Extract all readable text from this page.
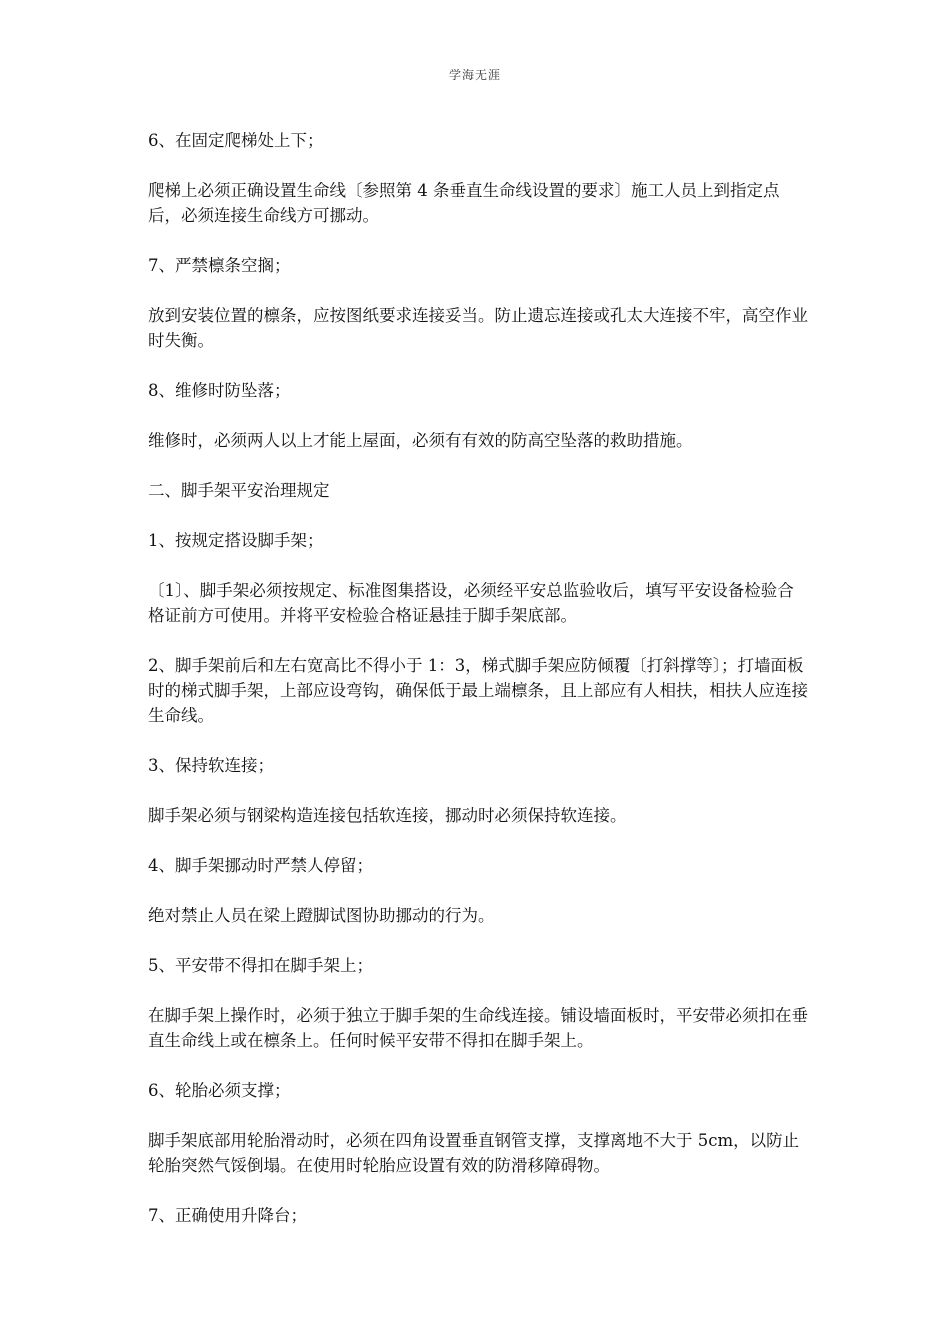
学海无涯

6、在固定爬梯处上下；

爬梯上必须正确设置生命线〔参照第 4 条垂直生命线设置的要求〕施工人员上到指定点后，必须连接生命线方可挪动。

7、严禁檩条空搁；

放到安装位置的檩条，应按图纸要求连接妥当。防止遗忘连接或孔太大连接不牢，高空作业时失衡。

8、维修时防坠落；

维修时，必须两人以上才能上屋面，必须有有效的防高空坠落的救助措施。

二、脚手架平安治理规定

1、按规定搭设脚手架；

〔1〕、脚手架必须按规定、标准图集搭设，必须经平安总监验收后，填写平安设备检验合格证前方可使用。并将平安检验合格证悬挂于脚手架底部。

2、脚手架前后和左右宽高比不得小于 1：3，梯式脚手架应防倾覆〔打斜撑等〕；打墙面板时的梯式脚手架，上部应设弯钩，确保低于最上端檩条，且上部应有人相扶，相扶人应连接生命线。

3、保持软连接；

脚手架必须与钢梁构造连接包括软连接，挪动时必须保持软连接。

4、脚手架挪动时严禁人停留；

绝对禁止人员在梁上蹬脚试图协助挪动的行为。

5、平安带不得扣在脚手架上；

在脚手架上操作时，必须于独立于脚手架的生命线连接。铺设墙面板时，平安带必须扣在垂直生命线上或在檩条上。任何时候平安带不得扣在脚手架上。

6、轮胎必须支撑；

脚手架底部用轮胎滑动时，必须在四角设置垂直钢管支撑，支撑离地不大于 5cm，以防止轮胎突然气馁倒塌。在使用时轮胎应设置有效的防滑移障碍物。

7、正确使用升降台；
